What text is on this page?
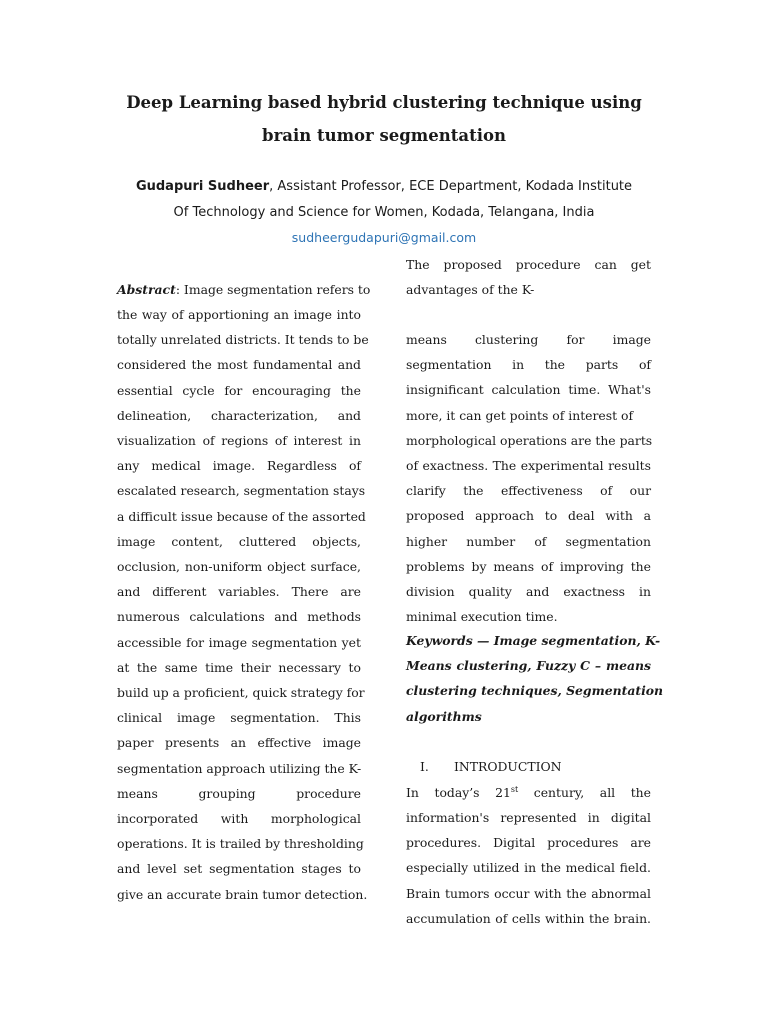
Deep Learning based hybrid clustering technique using
brain tumor segmentation
Gudapuri Sudheer, Assistant Professor, ECE Department, Kodada Institute
Of Technology and Science for Women, Kodada, Telangana, India
sudheergudapuri@gmail.com
Abstract: Image segmentation refers to
the way of apportioning an image into
totally unrelated districts. It tends to be
considered the most fundamental and
essential cycle for encouraging the
delineation, characterization, and
visualization of regions of interest in
any medical image. Regardless of
escalated research, segmentation stays
a difficult issue because of the assorted
image content, cluttered objects,
occlusion, non-uniform object surface,
and different variables. There are
numerous calculations and methods
accessible for image segmentation yet
at the same time their necessary to
build up a proficient, quick strategy for
clinical image segmentation. This
paper presents an effective image
segmentation approach utilizing the K-
means grouping procedure
incorporated with morphological
operations. It is trailed by thresholding
and level set segmentation stages to
give an accurate brain tumor detection.
The proposed procedure can get
advantages of the K-
means clustering for image
segmentation in the parts of
insignificant calculation time. What's
more, it can get points of interest of
morphological operations are the parts
of exactness. The experimental results
clarify the effectiveness of our
proposed approach to deal with a
higher number of segmentation
problems by means of improving the
division quality and exactness in
minimal execution time.
Keywords — Image segmentation, K-
Means clustering, Fuzzy C – means
clustering techniques, Segmentation
algorithms
I. INTRODUCTION
In today’s 21st century, all the
information's represented in digital
procedures. Digital procedures are
especially utilized in the medical field.
Brain tumors occur with the abnormal
accumulation of cells within the brain.
